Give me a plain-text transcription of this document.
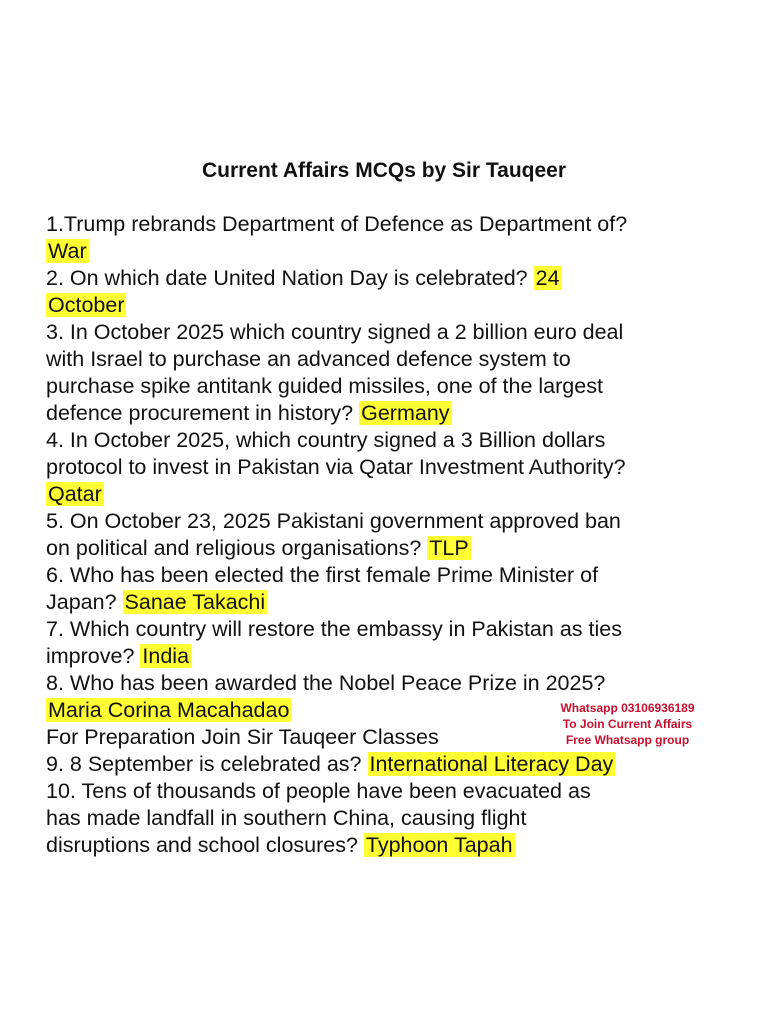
Current Affairs MCQs by Sir Tauqeer
1.Trump rebrands Department of Defence as Department of?
War
2. On which date United Nation Day is celebrated? 24
October
3. In October 2025 which country signed a 2 billion euro deal
with Israel to purchase an advanced defence system to
purchase spike antitank guided missiles, one of the largest
defence procurement in history? Germany
4. In October 2025, which country signed a 3 Billion dollars
protocol to invest in Pakistan via Qatar Investment Authority?
Qatar
5. On October 23, 2025 Pakistani government approved ban
on political and religious organisations? TLP
6. Who has been elected the first female Prime Minister of
Japan? Sanae Takachi
7. Which country will restore the embassy in Pakistan as ties
improve? India
8. Who has been awarded the Nobel Peace Prize in 2025?
Maria Corina Macahadao
For Preparation Join Sir Tauqeer Classes
9. 8 September is celebrated as? International Literacy Day
10. Tens of thousands of people have been evacuated as
has made landfall in southern China, causing flight
disruptions and school closures? Typhoon Tapah
Whatsapp 03106936189
To Join Current Affairs
Free Whatsapp group
